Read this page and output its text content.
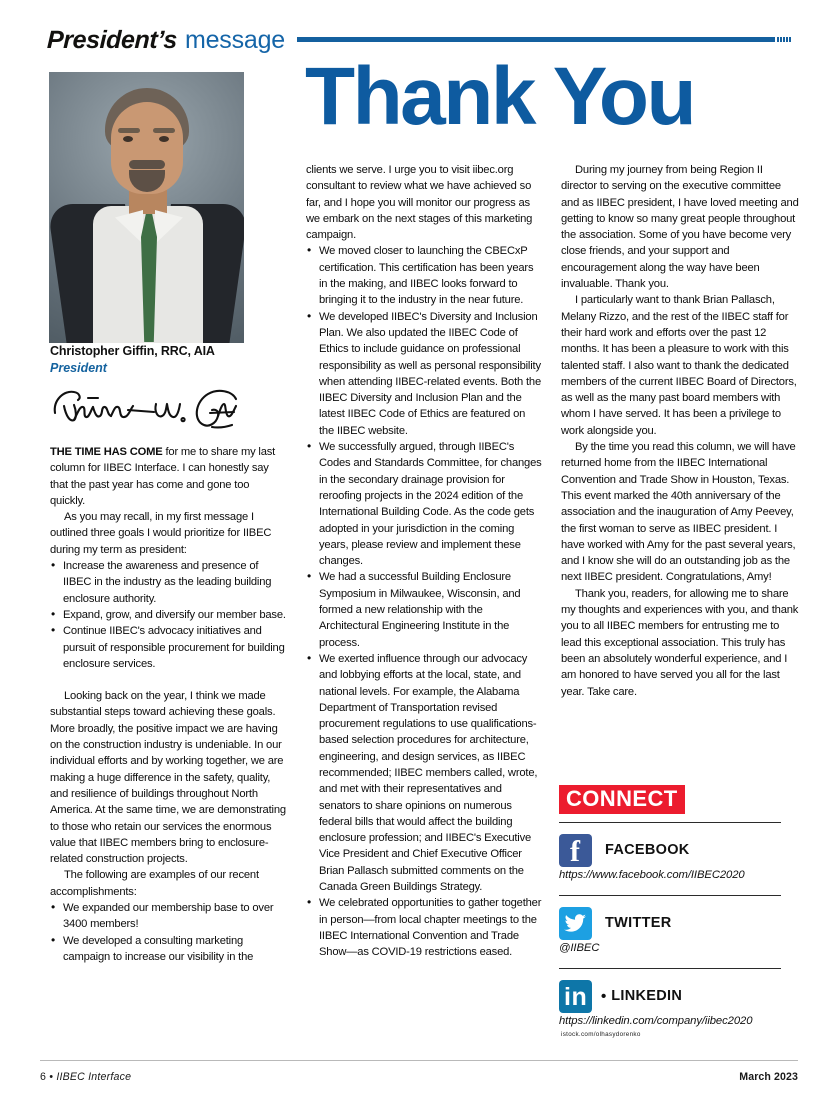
President’s message
Thank You
Christopher Giffin, RRC, AIA
President

THE TIME HAS COME for me to share my last column for IIBEC Interface. I can honestly say that the past year has come and gone too quickly.

As you may recall, in my first message I outlined three goals I would prioritize for IIBEC during my term as president:

• Increase the awareness and presence of IIBEC in the industry as the leading building enclosure authority.
• Expand, grow, and diversify our member base.
• Continue IIBEC's advocacy initiatives and pursuit of responsible procurement for building enclosure services.

Looking back on the year, I think we made substantial steps toward achieving these goals. More broadly, the positive impact we are having on the construction industry is undeniable. In our individual efforts and by working together, we are making a huge difference in the safety, quality, and resilience of buildings throughout North America. At the same time, we are demonstrating to those who retain our services the enormous value that IIBEC members bring to enclosure-related construction projects.

The following are examples of our recent accomplishments:

• We expanded our membership base to over 3400 members!
• We developed a consulting marketing campaign to increase our visibility in the

clients we serve. I urge you to visit iibec.org consultant to review what we have achieved so far, and I hope you will monitor our progress as we embark on the next stages of this marketing campaign.

• We moved closer to launching the CBECxP certification. This certification has been years in the making, and IIBEC looks forward to bringing it to the industry in the near future.
• We developed IIBEC's Diversity and Inclusion Plan. We also updated the IIBEC Code of Ethics to include guidance on professional responsibility as well as personal responsibility when attending IIBEC-related events. Both the IIBEC Diversity and Inclusion Plan and the latest IIBEC Code of Ethics are featured on the IIBEC website.
• We successfully argued, through IIBEC's Codes and Standards Committee, for changes in the secondary drainage provision for reroofing projects in the 2024 edition of the International Building Code. As the code gets adopted in your jurisdiction in the coming years, please review and implement these changes.
• We had a successful Building Enclosure Symposium in Milwaukee, Wisconsin, and formed a new relationship with the Architectural Engineering Institute in the process.
• We exerted influence through our advocacy and lobbying efforts at the local, state, and national levels. For example, the Alabama Department of Transportation revised procurement regulations to use qualifications-based selection procedures for architecture, engineering, and design services, as IIBEC recommended; IIBEC members called, wrote, and met with their representatives and senators to share opinions on numerous federal bills that would affect the building enclosure profession; and IIBEC's Executive Vice President and Chief Executive Officer Brian Pallasch submitted comments on the Canada Green Buildings Strategy.
• We celebrated opportunities to gather together in person—from local chapter meetings to the IIBEC International Convention and Trade Show—as COVID-19 restrictions eased.

During my journey from being Region II director to serving on the executive committee and as IIBEC president, I have loved meeting and getting to know so many great people throughout the association. Some of you have become very close friends, and your support and encouragement along the way have been invaluable. Thank you.

I particularly want to thank Brian Pallasch, Melany Rizzo, and the rest of the IIBEC staff for their hard work and efforts over the past 12 months. It has been a pleasure to work with this talented staff. I also want to thank the dedicated members of the current IIBEC Board of Directors, as well as the many past board members with whom I have served. It has been a privilege to work alongside you.

By the time you read this column, we will have returned home from the IIBEC International Convention and Trade Show in Houston, Texas. This event marked the 40th anniversary of the association and the inauguration of Amy Peevey, the first woman to serve as IIBEC president. I have worked with Amy for the past several years, and I know she will do an outstanding job as the next IIBEC president. Congratulations, Amy!

Thank you, readers, for allowing me to share my thoughts and experiences with you, and thank you to all IIBEC members for entrusting me to lead this exceptional association. This truly has been an absolutely wonderful experience, and I am honored to have served you all for the last year. Take care.

CONNECT
f FACEBOOK
https://www.facebook.com/IIBEC2020
TWITTER
@IIBEC
in • LINKEDIN
https://linkedin.com/company/iibec2020
istock.com/olhasydorenko
6 • IIBEC Interface	March 2023
